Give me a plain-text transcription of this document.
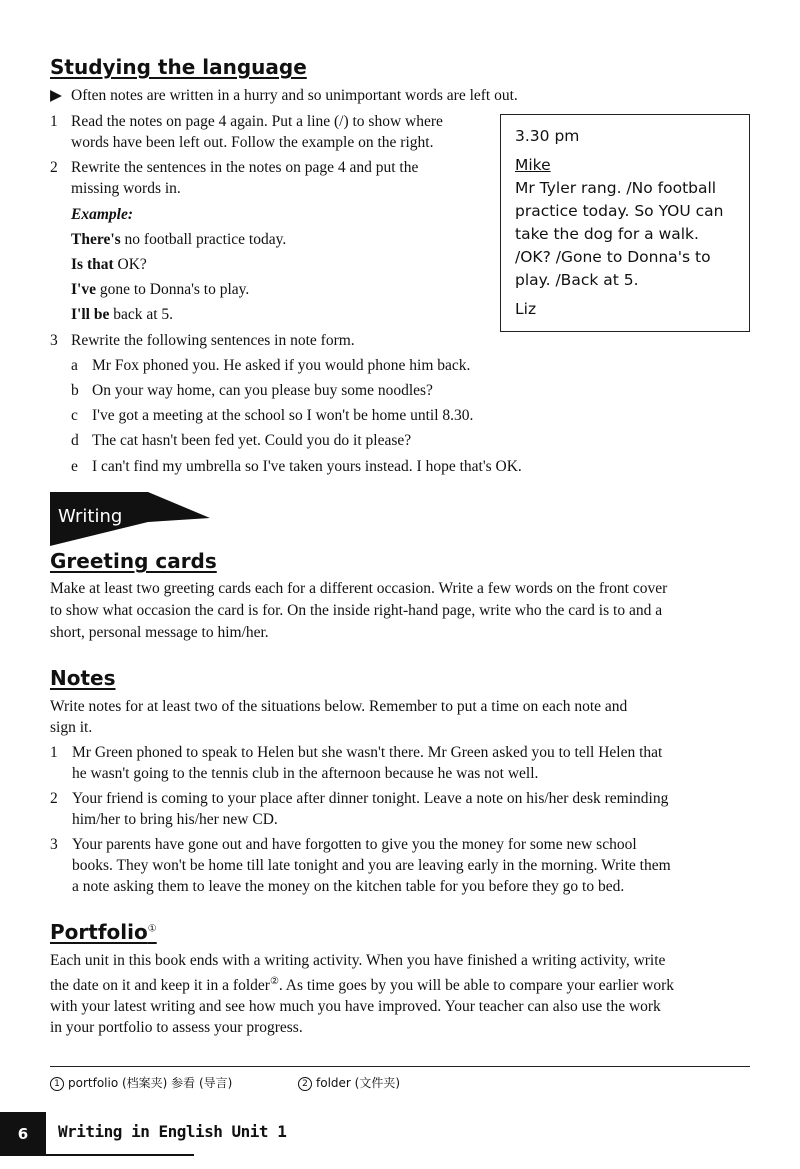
Studying the language
▶ Often notes are written in a hurry and so unimportant words are left out.
1 Read the notes on page 4 again. Put a line (/) to show where
words have been left out. Follow the example on the right.
2 Rewrite the sentences in the notes on page 4 and put the
missing words in.
Example:
There's no football practice today.
Is that OK?
I've gone to Donna's to play.
I'll be back at 5.
3 Rewrite the following sentences in note form.
a Mr Fox phoned you. He asked if you would phone him back.
b On your way home, can you please buy some noodles?
c I've got a meeting at the school so I won't be home until 8.30.
d The cat hasn't been fed yet. Could you do it please?
e I can't find my umbrella so I've taken yours instead. I hope that's OK.
3.30 pm
Mike
Mr Tyler rang. /No football
practice today. So YOU can
take the dog for a walk.
/OK? /Gone to Donna's to
play. /Back at 5.
Liz
Writing
Greeting cards
Make at least two greeting cards each for a different occasion. Write a few words on the front cover
to show what occasion the card is for. On the inside right-hand page, write who the card is to and a
short, personal message to him/her.
Notes
Write notes for at least two of the situations below. Remember to put a time on each note and
sign it.
1 Mr Green phoned to speak to Helen but she wasn't there. Mr Green asked you to tell Helen that
he wasn't going to the tennis club in the afternoon because he was not well.
2 Your friend is coming to your place after dinner tonight. Leave a note on his/her desk reminding
him/her to bring his/her new CD.
3 Your parents have gone out and have forgotten to give you the money for some new school
books. They won't be home till late tonight and you are leaving early in the morning. Write them
a note asking them to leave the money on the kitchen table for you before they go to bed.
Portfolio①
Each unit in this book ends with a writing activity. When you have finished a writing activity, write
the date on it and keep it in a folder②. As time goes by you will be able to compare your earlier work
with your latest writing and see how much you have improved. Your teacher can also use the work
in your portfolio to assess your progress.
1 portfolio (档案夹) 参看 (导言)	2 folder (文件夹)
6	Writing in English Unit 1
